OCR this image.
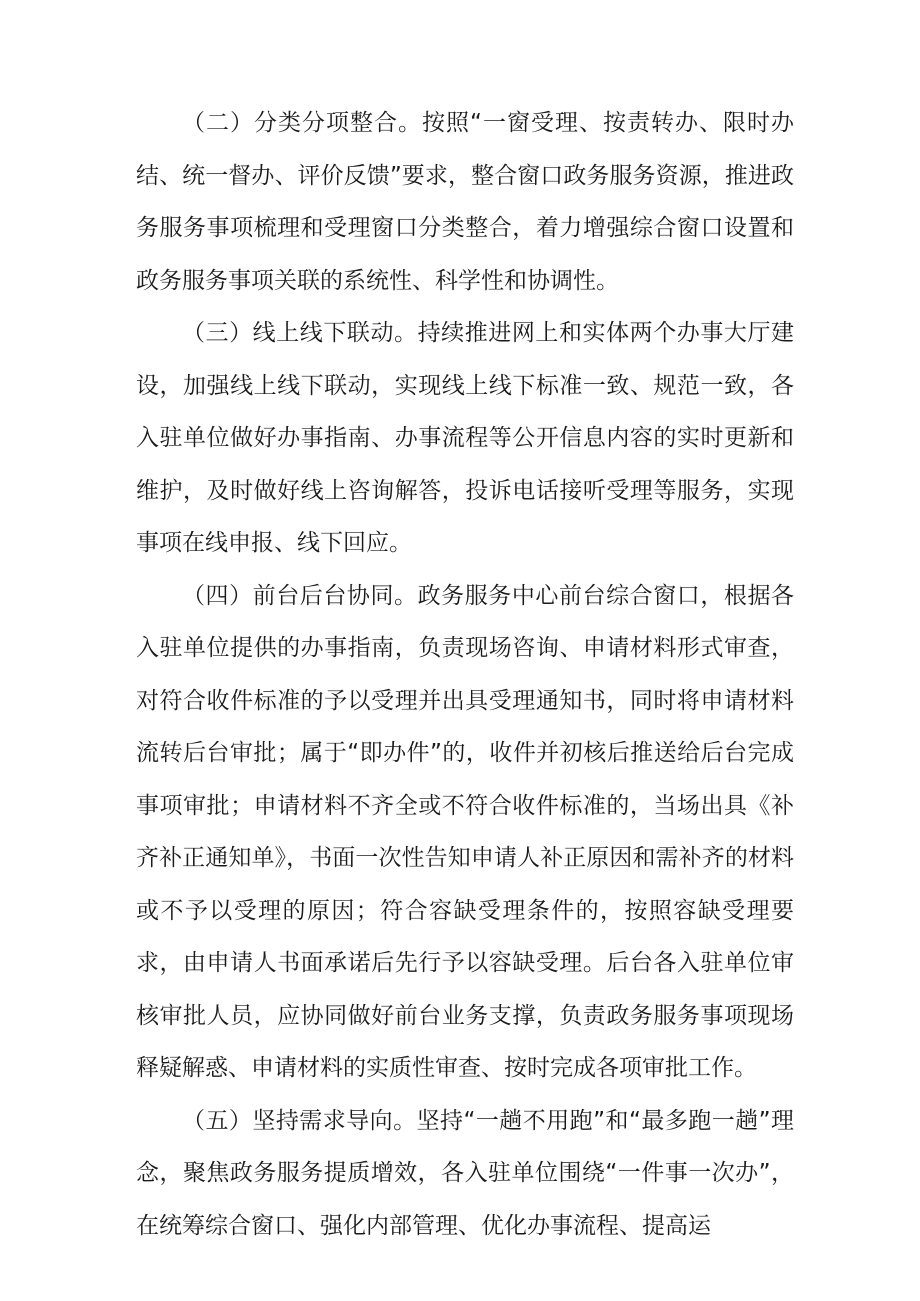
（二）分类分项整合。按照“一窗受理、按责转办、限时办结、统一督办、评价反馈”要求，整合窗口政务服务资源，推进政务服务事项梳理和受理窗口分类整合，着力增强综合窗口设置和政务服务事项关联的系统性、科学性和协调性。

（三）线上线下联动。持续推进网上和实体两个办事大厅建设，加强线上线下联动，实现线上线下标准一致、规范一致，各入驻单位做好办事指南、办事流程等公开信息内容的实时更新和维护，及时做好线上咨询解答，投诉电话接听受理等服务，实现事项在线申报、线下回应。

（四）前台后台协同。政务服务中心前台综合窗口，根据各入驻单位提供的办事指南，负责现场咨询、申请材料形式审查，对符合收件标准的予以受理并出具受理通知书，同时将申请材料流转后台审批；属于“即办件”的，收件并初核后推送给后台完成事项审批；申请材料不齐全或不符合收件标准的，当场出具《补齐补正通知单》，书面一次性告知申请人补正原因和需补齐的材料或不予以受理的原因；符合容缺受理条件的，按照容缺受理要求，由申请人书面承诺后先行予以容缺受理。后台各入驻单位审核审批人员，应协同做好前台业务支撑，负责政务服务事项现场释疑解惑、申请材料的实质性审查、按时完成各项审批工作。

（五）坚持需求导向。坚持“一趟不用跑”和“最多跑一趟”理念，聚焦政务服务提质增效，各入驻单位围绕“一件事一次办”，在统筹综合窗口、强化内部管理、优化办事流程、提高运
